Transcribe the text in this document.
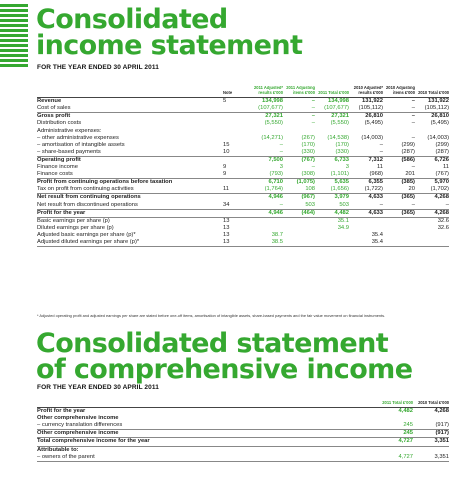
Consolidated
income statement
FOR THE YEAR ENDED 30 APRIL 2011
	Note	2011 Adjusted* results £'000	2011 Adjusting items £'000	2011 Total £'000	2010 Adjusted* results £'000	2010 Adjusting items £'000	2010 Total £'000
Revenue	5	134,998	–	134,998	131,922	–	131,922
Cost of sales		(107,677)	–	(107,677)	(105,112)	–	(105,112)
Gross profit		27,321	–	27,321	26,810	–	26,810
Distribution costs		(5,550)	–	(5,550)	(5,495)	–	(5,495)
Administrative expenses:							
– other administrative expenses		(14,271)	(267)	(14,538)	(14,003)	–	(14,003)
– amortisation of intangible assets	15	–	(170)	(170)	–	(299)	(299)
– share-based payments	10	–	(330)	(330)	–	(287)	(287)
Operating profit		7,500	(767)	6,733	7,312	(586)	6,726
Finance income	9	3	–	3	11	–	11
Finance costs	9	(793)	(308)	(1,101)	(968)	201	(767)
Profit from continuing operations before taxation		6,710	(1,075)	5,635	6,355	(385)	5,970
Tax on profit from continuing activities	11	(1,764)	108	(1,656)	(1,722)	20	(1,702)
Net result from continuing operations		4,946	(967)	3,979	4,633	(365)	4,268
Net result from discontinued operations	34	–	503	503	–	–	–
Profit for the year		4,946	(464)	4,482	4,633	(365)	4,268
Basic earnings per share (p)	13			35.1			32.6
Diluted earnings per share (p)	13			34.9			32.6
Adjusted basic earnings per share (p)*	13	38.7			35.4		
Adjusted diluted earnings per share (p)*	13	38.5			35.4		
* Adjusted operating profit and adjusted earnings per share are stated before one-off items, amortisation of intangible assets, share-based payments and the fair value movement on financial instruments.
Consolidated statement
of comprehensive income
FOR THE YEAR ENDED 30 APRIL 2011
	2011 Total £'000	2010 Total £'000
Profit for the year	4,482	4,268
Other comprehensive income		
– currency translation differences	245	(917)
Other comprehensive income	245	(917)
Total comprehensive income for the year	4,727	3,351
Attributable to:		
– owners of the parent	4,727	3,351
